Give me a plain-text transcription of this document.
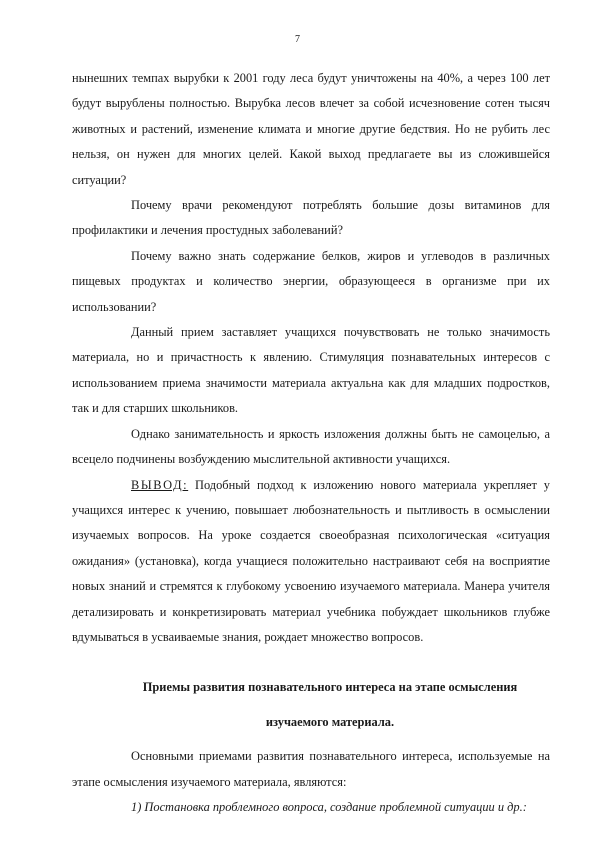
7

нынешних темпах вырубки к 2001 году леса будут уничтожены на 40%, а через 100 лет будут вырублены полностью. Вырубка лесов влечет за собой исчезновение сотен тысяч животных и растений, изменение климата и многие другие бедствия. Но не рубить лес нельзя, он нужен для многих целей. Какой выход предлагаете вы из сложившейся ситуации?

Почему врачи рекомендуют потреблять большие дозы витаминов для профилактики и лечения простудных заболеваний?

Почему важно знать содержание белков, жиров и углеводов в различных пищевых продуктах и количество энергии, образующееся в организме при их использовании?

Данный прием заставляет учащихся почувствовать не только значимость материала, но и причастность к явлению. Стимуляция познавательных интересов с использованием приема значимости материала актуальна как для младших подростков, так и для старших школьников.

Однако занимательность и яркость изложения должны быть не самоцелью, а всецело подчинены возбуждению мыслительной активности учащихся.

ВЫВОД: Подобный подход к изложению нового материала укрепляет у учащихся интерес к учению, повышает любознательность и пытливость в осмыслении изучаемых вопросов. На уроке создается своеобразная психологическая «ситуация ожидания» (установка), когда учащиеся положительно настраивают себя на восприятие новых знаний и стремятся к глубокому усвоению изучаемого материала. Манера учителя детализировать и конкретизировать материал учебника побуждает школьников глубже вдумываться в усваиваемые знания, рождает множество вопросов.

Приемы развития познавательного интереса на этапе осмысления
изучаемого материала.

Основными приемами развития познавательного интереса, используемые на этапе осмысления изучаемого материала, являются:

1) Постановка проблемного вопроса, создание проблемной ситуации и др.:
